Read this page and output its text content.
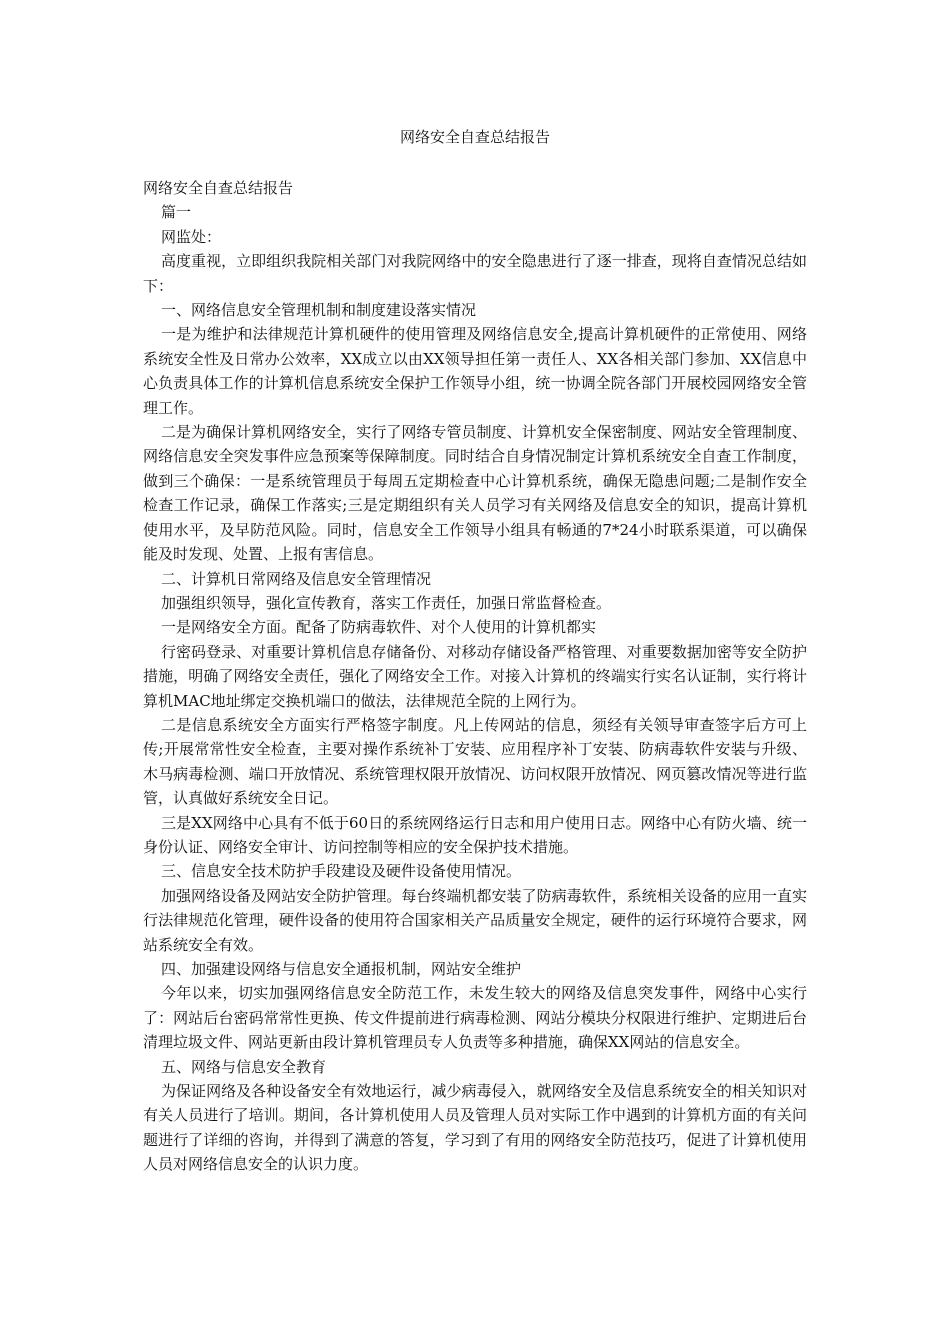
网络安全自查总结报告

网络安全自查总结报告

篇一

网监处：

高度重视，立即组织我院相关部门对我院网络中的安全隐患进行了逐一排查，现将自查情况总结如下：

一、网络信息安全管理机制和制度建设落实情况

一是为维护和法律规范计算机硬件的使用管理及网络信息安全,提高计算机硬件的正常使用、网络系统安全性及日常办公效率，XX成立以由XX领导担任第一责任人、XX各相关部门参加、XX信息中心负责具体工作的计算机信息系统安全保护工作领导小组，统一协调全院各部门开展校园网络安全管理工作。

二是为确保计算机网络安全，实行了网络专管员制度、计算机安全保密制度、网站安全管理制度、网络信息安全突发事件应急预案等保障制度。同时结合自身情况制定计算机系统安全自查工作制度，做到三个确保：一是系统管理员于每周五定期检查中心计算机系统，确保无隐患问题;二是制作安全检查工作记录，确保工作落实;三是定期组织有关人员学习有关网络及信息安全的知识，提高计算机使用水平，及早防范风险。同时，信息安全工作领导小组具有畅通的7*24小时联系渠道，可以确保能及时发现、处置、上报有害信息。

二、计算机日常网络及信息安全管理情况

加强组织领导，强化宣传教育，落实工作责任，加强日常监督检查。

一是网络安全方面。配备了防病毒软件、对个人使用的计算机都实

行密码登录、对重要计算机信息存储备份、对移动存储设备严格管理、对重要数据加密等安全防护措施，明确了网络安全责任，强化了网络安全工作。对接入计算机的终端实行实名认证制，实行将计算机MAC地址绑定交换机端口的做法，法律规范全院的上网行为。

二是信息系统安全方面实行严格签字制度。凡上传网站的信息，须经有关领导审查签字后方可上传;开展常常性安全检查，主要对操作系统补丁安装、应用程序补丁安装、防病毒软件安装与升级、木马病毒检测、端口开放情况、系统管理权限开放情况、访问权限开放情况、网页篡改情况等进行监管，认真做好系统安全日记。

三是XX网络中心具有不低于60日的系统网络运行日志和用户使用日志。网络中心有防火墙、统一身份认证、网络安全审计、访问控制等相应的安全保护技术措施。

三、信息安全技术防护手段建设及硬件设备使用情况。

加强网络设备及网站安全防护管理。每台终端机都安装了防病毒软件，系统相关设备的应用一直实行法律规范化管理，硬件设备的使用符合国家相关产品质量安全规定，硬件的运行环境符合要求，网站系统安全有效。

四、加强建设网络与信息安全通报机制，网站安全维护

今年以来，切实加强网络信息安全防范工作，未发生较大的网络及信息突发事件，网络中心实行了：网站后台密码常常性更换、传文件提前进行病毒检测、网站分模块分权限进行维护、定期进后台清理垃圾文件、网站更新由段计算机管理员专人负责等多种措施，确保XX网站的信息安全。

五、网络与信息安全教育

为保证网络及各种设备安全有效地运行，减少病毒侵入，就网络安全及信息系统安全的相关知识对有关人员进行了培训。期间，各计算机使用人员及管理人员对实际工作中遇到的计算机方面的有关问题进行了详细的咨询，并得到了满意的答复，学习到了有用的网络安全防范技巧，促进了计算机使用人员对网络信息安全的认识力度。
